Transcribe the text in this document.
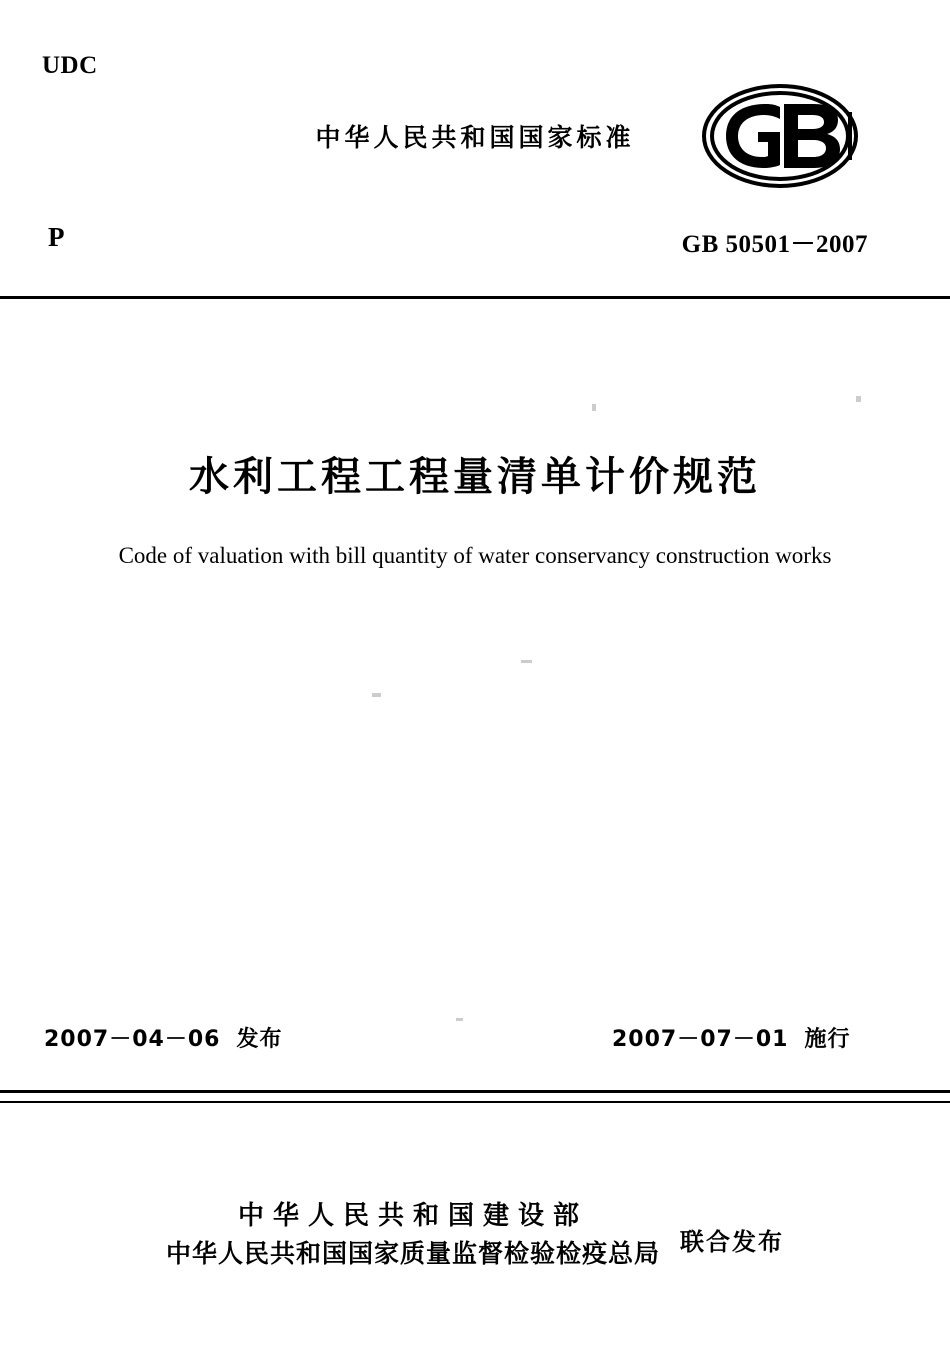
UDC
中华人民共和国国家标准
P	GB 50501－2007
水利工程工程量清单计价规范
Code of valuation with bill quantity of water conservancy construction works
2007－04－06 发布	2007－07－01 施行
中华人民共和国建设部
中华人民共和国国家质量监督检验检疫总局 联合发布
